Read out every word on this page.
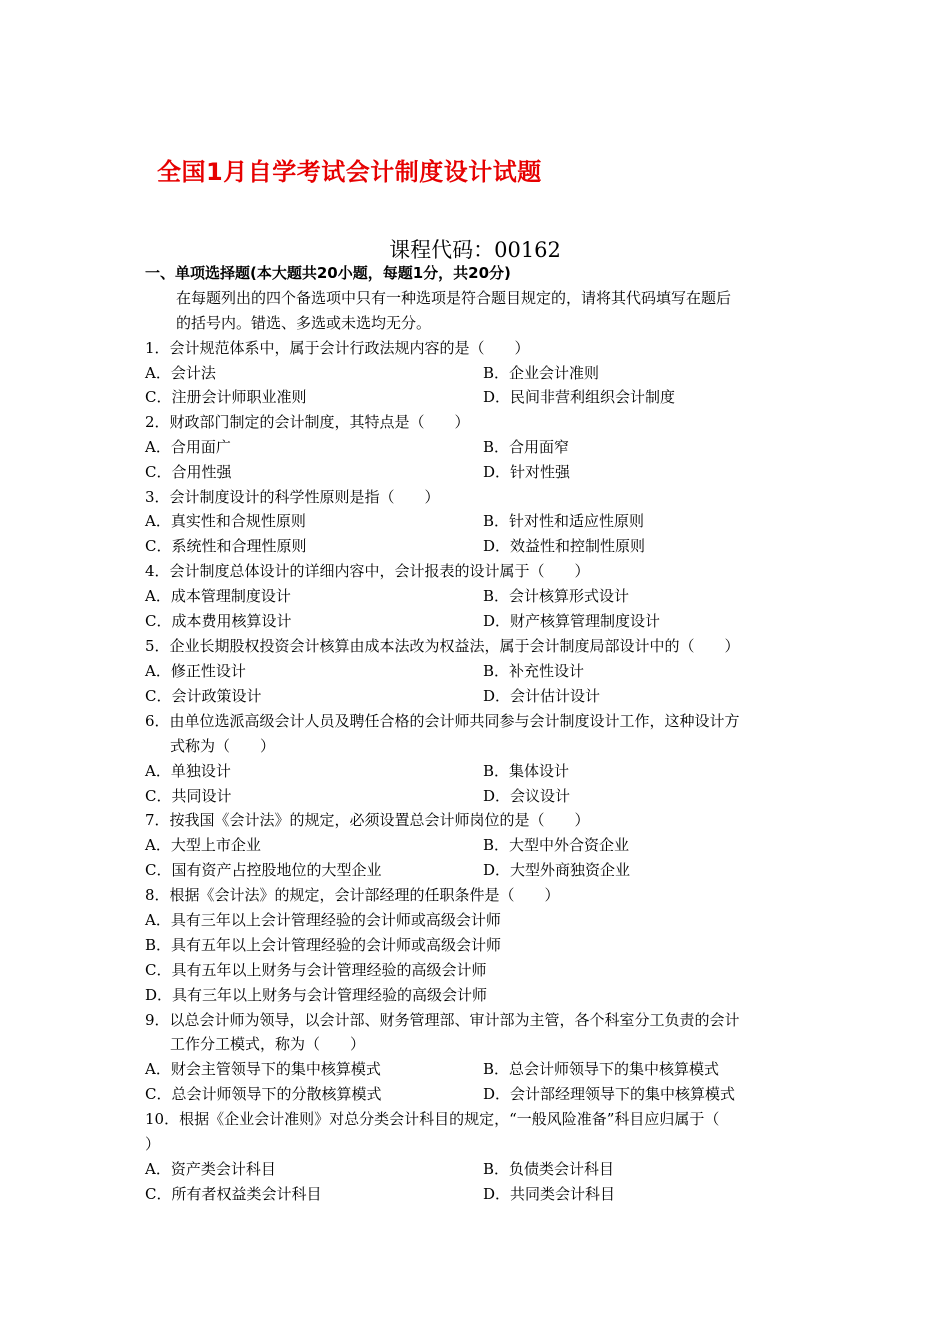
全国1月自学考试会计制度设计试题
课程代码：00162
一、单项选择题(本大题共20小题，每题1分，共20分)
在每题列出的四个备选项中只有一种选项是符合题目规定的，请将其代码填写在题后
的括号内。错选、多选或未选均无分。
1．会计规范体系中，属于会计行政法规内容的是（　　）
A．会计法	B．企业会计准则
C．注册会计师职业准则	D．民间非营利组织会计制度
2．财政部门制定的会计制度，其特点是（　　）
A．合用面广	B．合用面窄
C．合用性强	D．针对性强
3．会计制度设计的科学性原则是指（　　）
A．真实性和合规性原则	B．针对性和适应性原则
C．系统性和合理性原则	D．效益性和控制性原则
4．会计制度总体设计的详细内容中，会计报表的设计属于（　　）
A．成本管理制度设计	B．会计核算形式设计
C．成本费用核算设计	D．财产核算管理制度设计
5．企业长期股权投资会计核算由成本法改为权益法，属于会计制度局部设计中的（　　）
A．修正性设计	B．补充性设计
C．会计政策设计	D．会计估计设计
6．由单位选派高级会计人员及聘任合格的会计师共同参与会计制度设计工作，这种设计方
式称为（　　）
A．单独设计	B．集体设计
C．共同设计	D．会议设计
7．按我国《会计法》的规定，必须设置总会计师岗位的是（　　）
A．大型上市企业	B．大型中外合资企业
C．国有资产占控股地位的大型企业	D．大型外商独资企业
8．根据《会计法》的规定，会计部经理的任职条件是（　　）
A．具有三年以上会计管理经验的会计师或高级会计师
B．具有五年以上会计管理经验的会计师或高级会计师
C．具有五年以上财务与会计管理经验的高级会计师
D．具有三年以上财务与会计管理经验的高级会计师
9．以总会计师为领导，以会计部、财务管理部、审计部为主管，各个科室分工负责的会计
工作分工模式，称为（　　）
A．财会主管领导下的集中核算模式	B．总会计师领导下的集中核算模式
C．总会计师领导下的分散核算模式	D．会计部经理领导下的集中核算模式
10．根据《企业会计准则》对总分类会计科目的规定，“一般风险准备”科目应归属于（
）
A．资产类会计科目	B．负债类会计科目
C．所有者权益类会计科目	D．共同类会计科目
